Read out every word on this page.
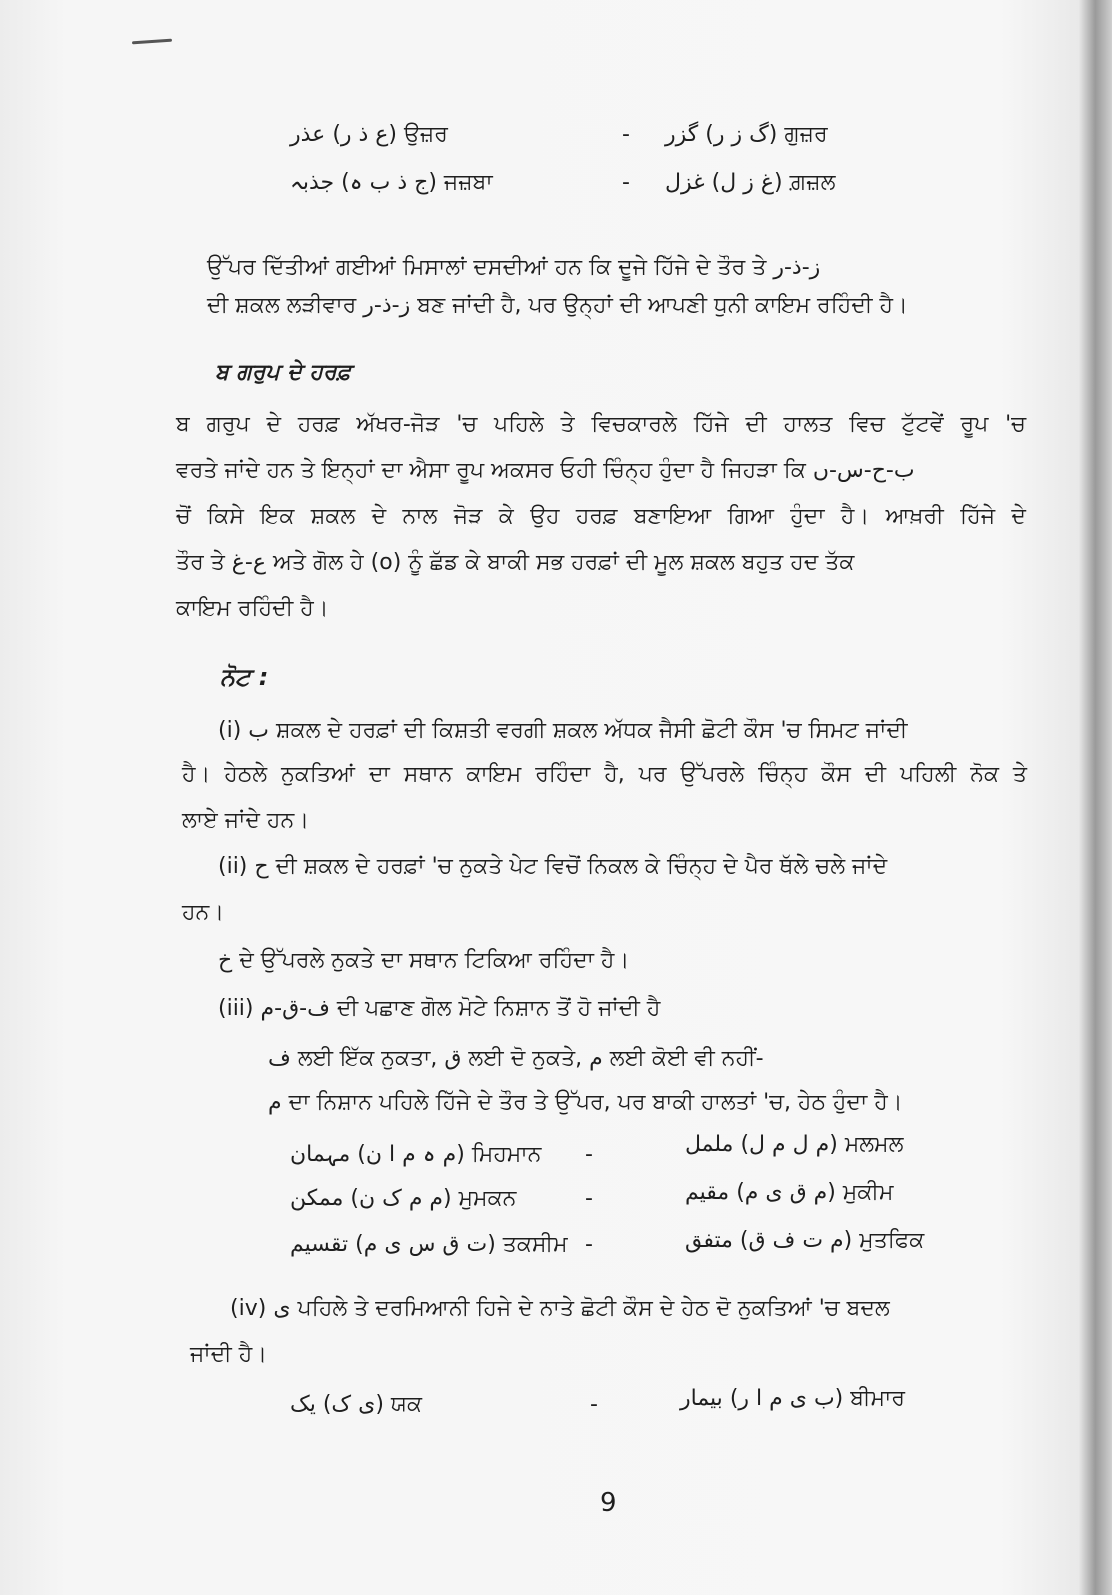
عذر (ع ذ ر) ਉਜ਼ਰ	- گزر (گ ز ر) ਗੁਜ਼ਰ
جذبہ (ج ذ ب ہ) ਜਜ਼ਬਾ	- غزل (غ ز ل) ਗ਼ਜ਼ਲ
ਉੱਪਰ ਦਿੱਤੀਆਂ ਗਈਆਂ ਮਿਸਾਲਾਂ ਦਸਦੀਆਂ ਹਨ ਕਿ ਦੂਜੇ ਹਿੱਜੇ ਦੇ ਤੌਰ ਤੇ ز-ذ-ر
ਦੀ ਸ਼ਕਲ ਲੜੀਵਾਰ ز-ذ-ر ਬਣ ਜਾਂਦੀ ਹੈ, ਪਰ ਉਨ੍ਹਾਂ ਦੀ ਆਪਣੀ ਧੁਨੀ ਕਾਇਮ ਰਹਿੰਦੀ ਹੈ।
ਬ ਗਰੁਪ ਦੇ ਹਰਫ਼
ਬ ਗਰੁਪ ਦੇ ਹਰਫ਼ ਅੱਖਰ-ਜੋੜ 'ਚ ਪਹਿਲੇ ਤੇ ਵਿਚਕਾਰਲੇ ਹਿੱਜੇ ਦੀ ਹਾਲਤ ਵਿਚ ਟੁੱਟਵੇਂ ਰੂਪ 'ਚ
ਵਰਤੇ ਜਾਂਦੇ ਹਨ ਤੇ ਇਨ੍ਹਾਂ ਦਾ ਐਸਾ ਰੂਪ ਅਕਸਰ ਓਹੀ ਚਿੰਨ੍ਹ ਹੁੰਦਾ ਹੈ ਜਿਹੜਾ ਕਿ ب-ح-س-ں
ਚੋਂ ਕਿਸੇ ਇਕ ਸ਼ਕਲ ਦੇ ਨਾਲ ਜੋੜ ਕੇ ਉਹ ਹਰਫ਼ ਬਣਾਇਆ ਗਿਆ ਹੁੰਦਾ ਹੈ। ਆਖ਼ਰੀ ਹਿੱਜੇ ਦੇ
ਤੌਰ ਤੇ ع-غ ਅਤੇ ਗੋਲ ਹੇ (o) ਨੂੰ ਛੱਡ ਕੇ ਬਾਕੀ ਸਭ ਹਰਫ਼ਾਂ ਦੀ ਮੂਲ ਸ਼ਕਲ ਬਹੁਤ ਹਦ ਤੱਕ
ਕਾਇਮ ਰਹਿੰਦੀ ਹੈ।
ਨੋਟ :
(i) ب ਸ਼ਕਲ ਦੇ ਹਰਫ਼ਾਂ ਦੀ ਕਿਸ਼ਤੀ ਵਰਗੀ ਸ਼ਕਲ ਅੱਧਕ ਜੈਸੀ ਛੋਟੀ ਕੌਸ 'ਚ ਸਿਮਟ ਜਾਂਦੀ
ਹੈ। ਹੇਠਲੇ ਨੁਕਤਿਆਂ ਦਾ ਸਥਾਨ ਕਾਇਮ ਰਹਿੰਦਾ ਹੈ, ਪਰ ਉੱਪਰਲੇ ਚਿੰਨ੍ਹ ਕੌਸ ਦੀ ਪਹਿਲੀ ਨੋਕ ਤੇ
ਲਾਏ ਜਾਂਦੇ ਹਨ।
(ii) ح ਦੀ ਸ਼ਕਲ ਦੇ ਹਰਫ਼ਾਂ 'ਚ ਨੁਕਤੇ ਪੇਟ ਵਿਚੋਂ ਨਿਕਲ ਕੇ ਚਿੰਨ੍ਹ ਦੇ ਪੈਰ ਥੱਲੇ ਚਲੇ ਜਾਂਦੇ
ਹਨ।
خ ਦੇ ਉੱਪਰਲੇ ਨੁਕਤੇ ਦਾ ਸਥਾਨ ਟਿਕਿਆ ਰਹਿੰਦਾ ਹੈ।
(iii) ف-ق-م ਦੀ ਪਛਾਣ ਗੋਲ ਮੋਟੇ ਨਿਸ਼ਾਨ ਤੋਂ ਹੋ ਜਾਂਦੀ ਹੈ
ف ਲਈ ਇੱਕ ਨੁਕਤਾ, ق ਲਈ ਦੋ ਨੁਕਤੇ, م ਲਈ ਕੋਈ ਵੀ ਨਹੀਂ-
م ਦਾ ਨਿਸ਼ਾਨ ਪਹਿਲੇ ਹਿੱਜੇ ਦੇ ਤੌਰ ਤੇ ਉੱਪਰ, ਪਰ ਬਾਕੀ ਹਾਲਤਾਂ 'ਚ, ਹੇਠ ਹੁੰਦਾ ਹੈ।
مہمان (م ہ م ا ن) ਮਿਹਮਾਨ -	ململ (م ل م ل) ਮਲਮਲ
ممکن (م م ک ن) ਮੁਮਕਨ	-	مقیم (م ق ی م) ਮੁਕੀਮ
تقسیم (ت ق س ی م) ਤਕਸੀਮ -	متفق (م ت ف ق) ਮੁਤਫਿਕ
(iv) ی ਪਹਿਲੇ ਤੇ ਦਰਮਿਆਨੀ ਹਿਜੇ ਦੇ ਨਾਤੇ ਛੋਟੀ ਕੌਸ ਦੇ ਹੇਠ ਦੋ ਨੁਕਤਿਆਂ 'ਚ ਬਦਲ
ਜਾਂਦੀ ਹੈ।
یک (ی ک) ਯਕ	-	بیمار (ب ی م ا ر) ਬੀਮਾਰ
9
